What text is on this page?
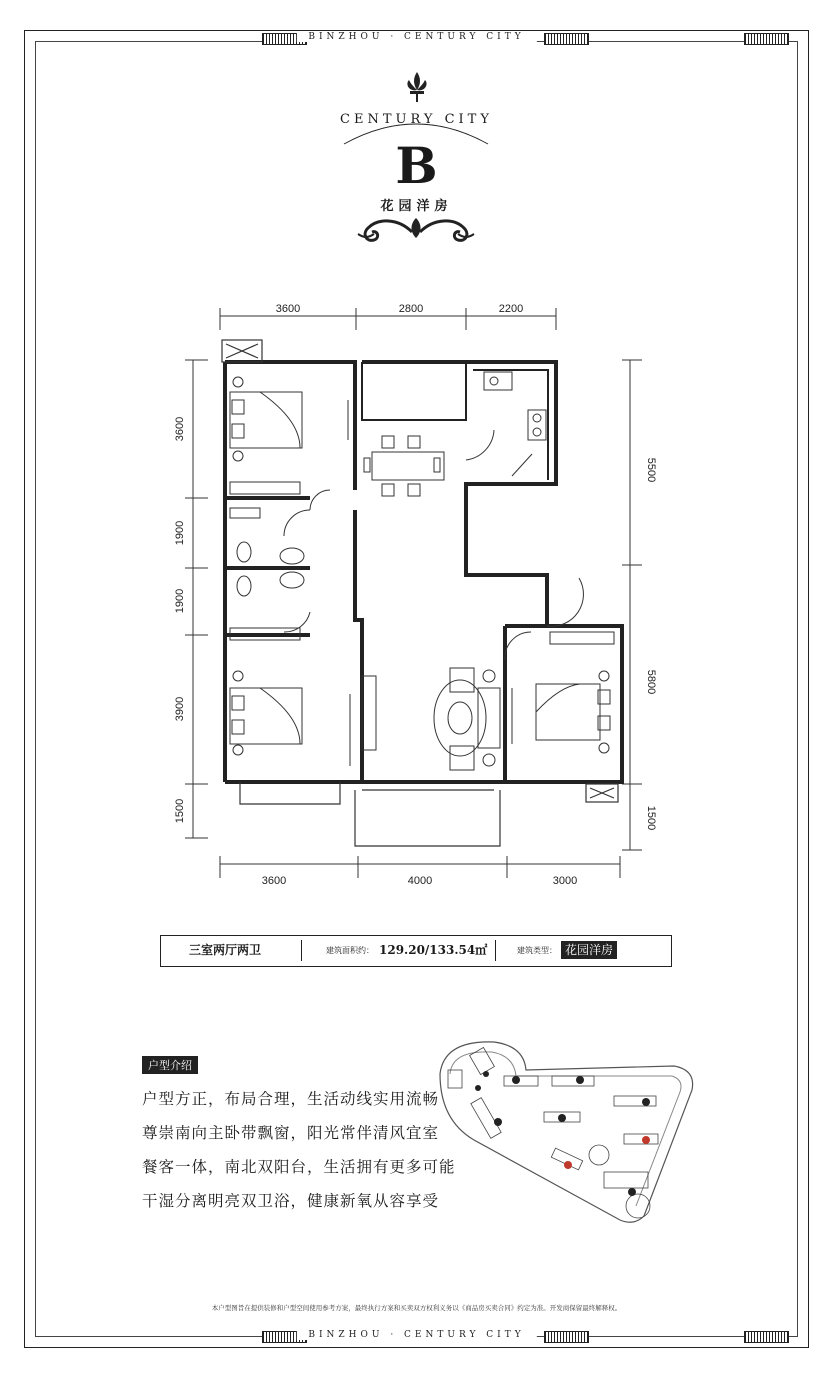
BINZHOU · CENTURY CITY
BINZHOU · CENTURY CITY
CENTURY CITY
B
花园洋房
3600	2800	2200
3600	4000	3000
3600
1900
1900
3900
1500
5500
5800
1500
三室两厅两卫	建筑面积约： 129.20/133.54㎡	建筑类型： 花园洋房
户型介绍
户型方正，布局合理，生活动线实用流畅
尊崇南向主卧带飘窗，阳光常伴清风宜室
餐客一体，南北双阳台，生活拥有更多可能
干湿分离明亮双卫浴，健康新氧从容享受
本户型图旨在提供装修和户型空间使用参考方案，最终执行方案和买卖双方权利义务以《商品房买卖合同》约定为准。开发商保留最终解释权。
